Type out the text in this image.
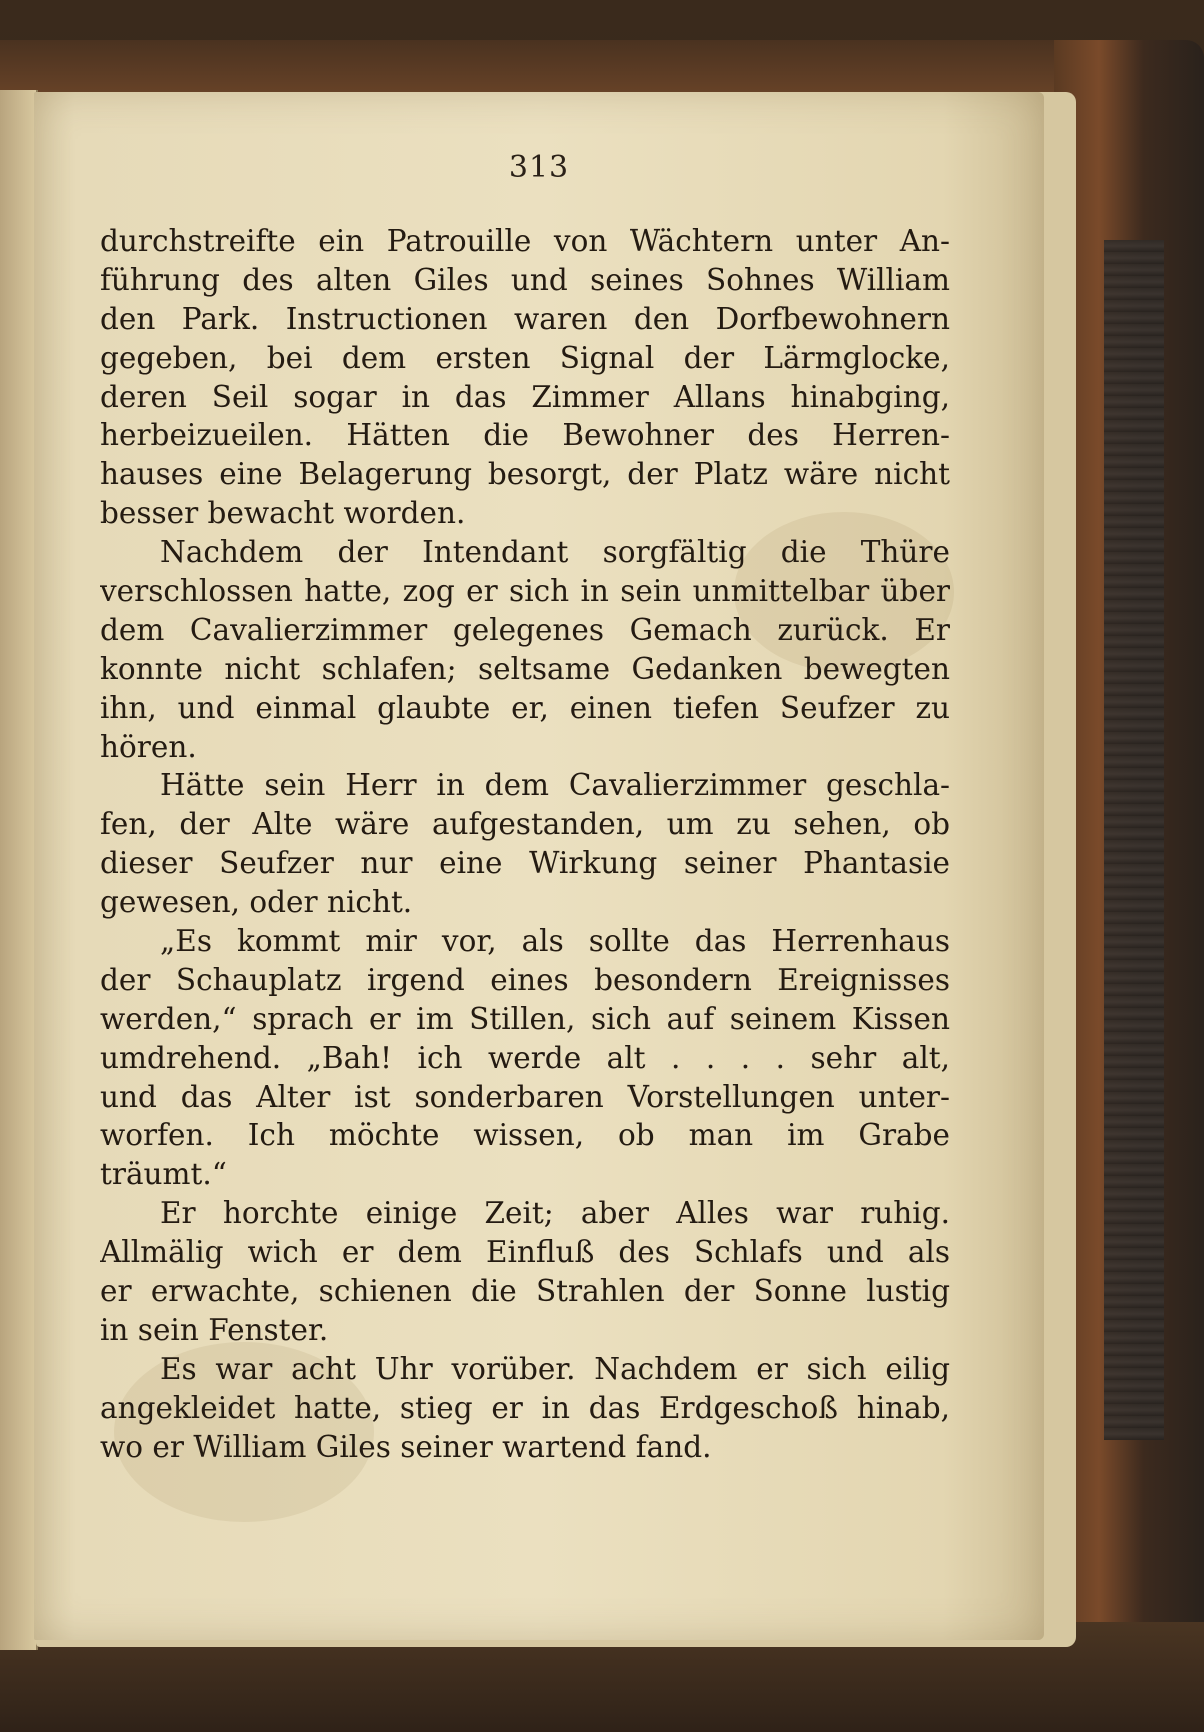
313
durchstreifte ein Patrouille von Wächtern unter An-
führung des alten Giles und seines Sohnes William
den Park. Instructionen waren den Dorfbewohnern
gegeben, bei dem ersten Signal der Lärmglocke,
deren Seil sogar in das Zimmer Allans hinabging,
herbeizueilen. Hätten die Bewohner des Herren-
hauses eine Belagerung besorgt, der Platz wäre nicht
besser bewacht worden.
Nachdem der Intendant sorgfältig die Thüre
verschlossen hatte, zog er sich in sein unmittelbar über
dem Cavalierzimmer gelegenes Gemach zurück. Er
konnte nicht schlafen; seltsame Gedanken bewegten
ihn, und einmal glaubte er, einen tiefen Seufzer zu
hören.
Hätte sein Herr in dem Cavalierzimmer geschla-
fen, der Alte wäre aufgestanden, um zu sehen, ob
dieser Seufzer nur eine Wirkung seiner Phantasie
gewesen, oder nicht.
„Es kommt mir vor, als sollte das Herrenhaus
der Schauplatz irgend eines besondern Ereignisses
werden,“ sprach er im Stillen, sich auf seinem Kissen
umdrehend. „Bah! ich werde alt . . . . sehr alt,
und das Alter ist sonderbaren Vorstellungen unter-
worfen. Ich möchte wissen, ob man im Grabe
träumt.“
Er horchte einige Zeit; aber Alles war ruhig.
Allmälig wich er dem Einfluß des Schlafs und als
er erwachte, schienen die Strahlen der Sonne lustig
in sein Fenster.
Es war acht Uhr vorüber. Nachdem er sich eilig
angekleidet hatte, stieg er in das Erdgeschoß hinab,
wo er William Giles seiner wartend fand.
